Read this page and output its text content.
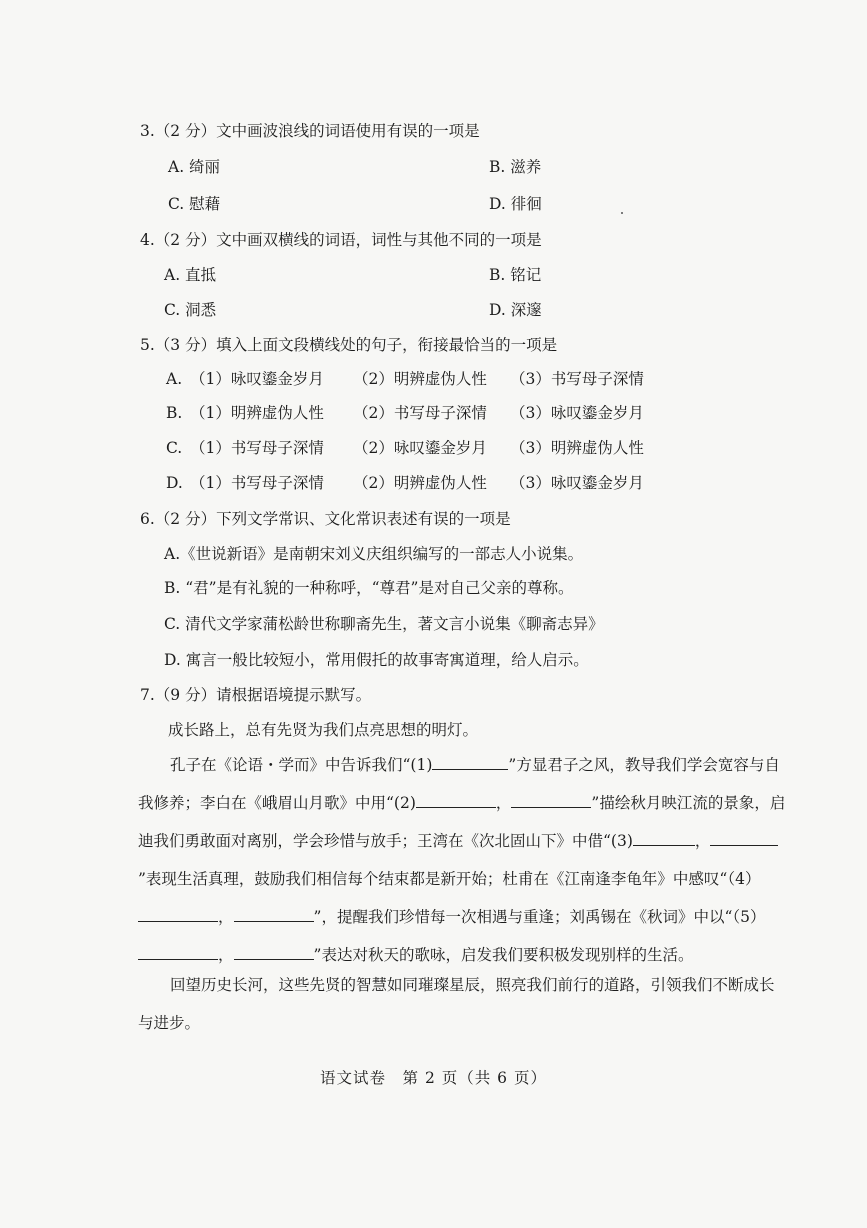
3.（2 分）文中画波浪线的词语使用有误的一项是
A. 绮丽	B. 滋养
C. 慰藉	D. 徘徊
4.（2 分）文中画双横线的词语，词性与其他不同的一项是
A. 直抵	B. 铭记
C. 洞悉	D. 深邃
5.（3 分）填入上面文段横线处的句子，衔接最恰当的一项是
A. （1）咏叹鎏金岁月 （2）明辨虚伪人性 （3）书写母子深情
B. （1）明辨虚伪人性 （2）书写母子深情 （3）咏叹鎏金岁月
C. （1）书写母子深情 （2）咏叹鎏金岁月 （3）明辨虚伪人性
D. （1）书写母子深情 （2）明辨虚伪人性 （3）咏叹鎏金岁月
6.（2 分）下列文学常识、文化常识表述有误的一项是
A.《世说新语》是南朝宋刘义庆组织编写的一部志人小说集。
B. “君”是有礼貌的一种称呼，“尊君”是对自己父亲的尊称。
C. 清代文学家蒲松龄世称聊斋先生，著文言小说集《聊斋志异》
D. 寓言一般比较短小，常用假托的故事寄寓道理，给人启示。
7.（9 分）请根据语境提示默写。
成长路上，总有先贤为我们点亮思想的明灯。
孔子在《论语・学而》中告诉我们“(1)	”方显君子之风，教导我们学会宽容与自我修养；李白在《峨眉山月歌》中用“(2)	，	”描绘秋月映江流的景象，启迪我们勇敢面对离别，学会珍惜与放手；王湾在《次北固山下》中借“(3)	，”表现生活真理，鼓励我们相信每个结束都是新开始；杜甫在《江南逢李龟年》中感叹“（4），	”，提醒我们珍惜每一次相遇与重逢；刘禹锡在《秋词》中以“（5），	”表达对秋天的歌咏，启发我们要积极发现别样的生活。
回望历史长河，这些先贤的智慧如同璀璨星辰，照亮我们前行的道路，引领我们不断成长与进步。
语文试卷　第 2 页（共 6 页）
